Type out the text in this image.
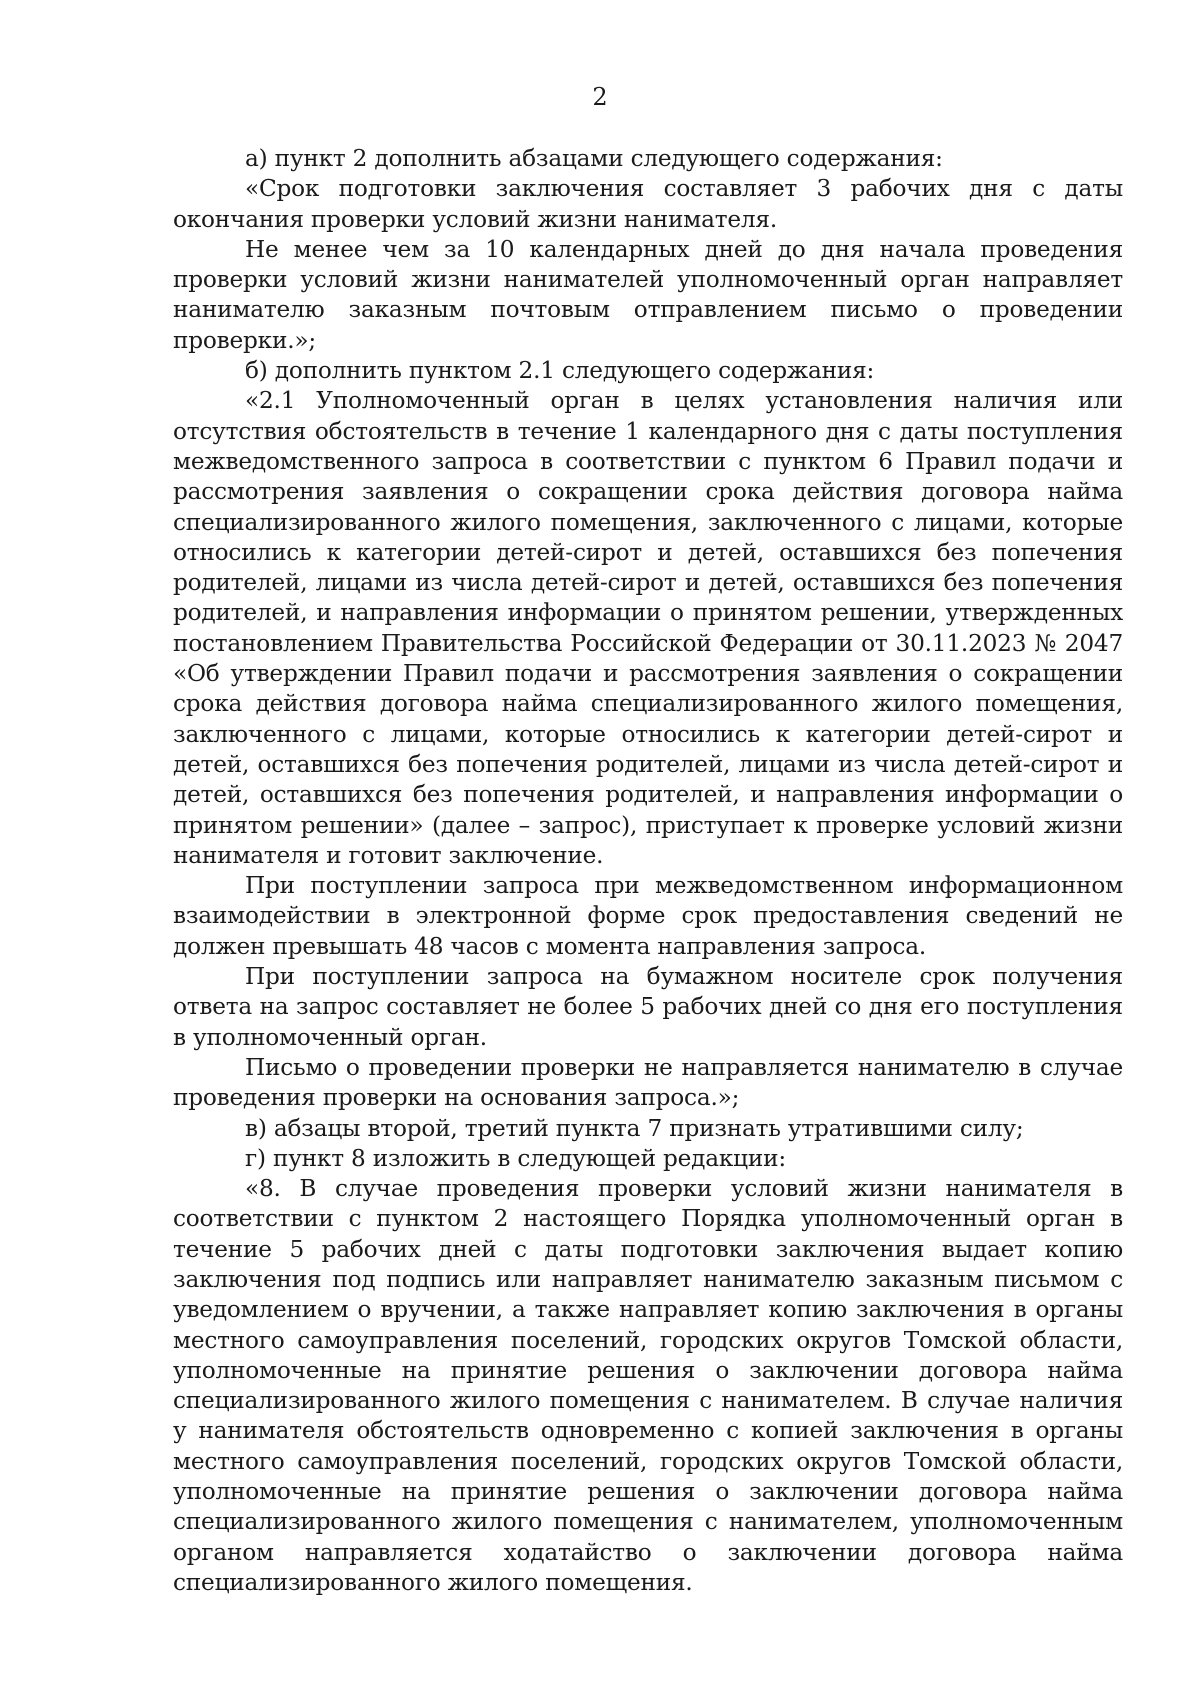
2

а) пункт 2 дополнить абзацами следующего содержания:

«Срок подготовки заключения составляет 3 рабочих дня с даты окончания проверки условий жизни нанимателя.

Не менее чем за 10 календарных дней до дня начала проведения проверки условий жизни нанимателей уполномоченный орган направляет нанимателю заказным почтовым отправлением письмо о проведении проверки.»;

б) дополнить пунктом 2.1 следующего содержания:

«2.1 Уполномоченный орган в целях установления наличия или отсутствия обстоятельств в течение 1 календарного дня с даты поступления межведомственного запроса в соответствии с пунктом 6 Правил подачи и рассмотрения заявления о сокращении срока действия договора найма специализированного жилого помещения, заключенного с лицами, которые относились к категории детей-сирот и детей, оставшихся без попечения родителей, лицами из числа детей-сирот и детей, оставшихся без попечения родителей, и направления информации о принятом решении, утвержденных постановлением Правительства Российской Федерации от 30.11.2023 № 2047 «Об утверждении Правил подачи и рассмотрения заявления о сокращении срока действия договора найма специализированного жилого помещения, заключенного с лицами, которые относились к категории детей-сирот и детей, оставшихся без попечения родителей, лицами из числа детей-сирот и детей, оставшихся без попечения родителей, и направления информации о принятом решении» (далее – запрос), приступает к проверке условий жизни нанимателя и готовит заключение.

При поступлении запроса при межведомственном информационном взаимодействии в электронной форме срок предоставления сведений не должен превышать 48 часов с момента направления запроса.

При поступлении запроса на бумажном носителе срок получения ответа на запрос составляет не более 5 рабочих дней со дня его поступления в уполномоченный орган.

Письмо о проведении проверки не направляется нанимателю в случае проведения проверки на основания запроса.»;

в) абзацы второй, третий пункта 7 признать утратившими силу;

г) пункт 8 изложить в следующей редакции:

«8. В случае проведения проверки условий жизни нанимателя в соответствии с пунктом 2 настоящего Порядка уполномоченный орган в течение 5 рабочих дней с даты подготовки заключения выдает копию заключения под подпись или направляет нанимателю заказным письмом с уведомлением о вручении, а также направляет копию заключения в органы местного самоуправления поселений, городских округов Томской области, уполномоченные на принятие решения о заключении договора найма специализированного жилого помещения с нанимателем. В случае наличия у нанимателя обстоятельств одновременно с копией заключения в органы местного самоуправления поселений, городских округов Томской области, уполномоченные на принятие решения о заключении договора найма специализированного жилого помещения с нанимателем, уполномоченным органом направляется ходатайство о заключении договора найма специализированного жилого помещения.
